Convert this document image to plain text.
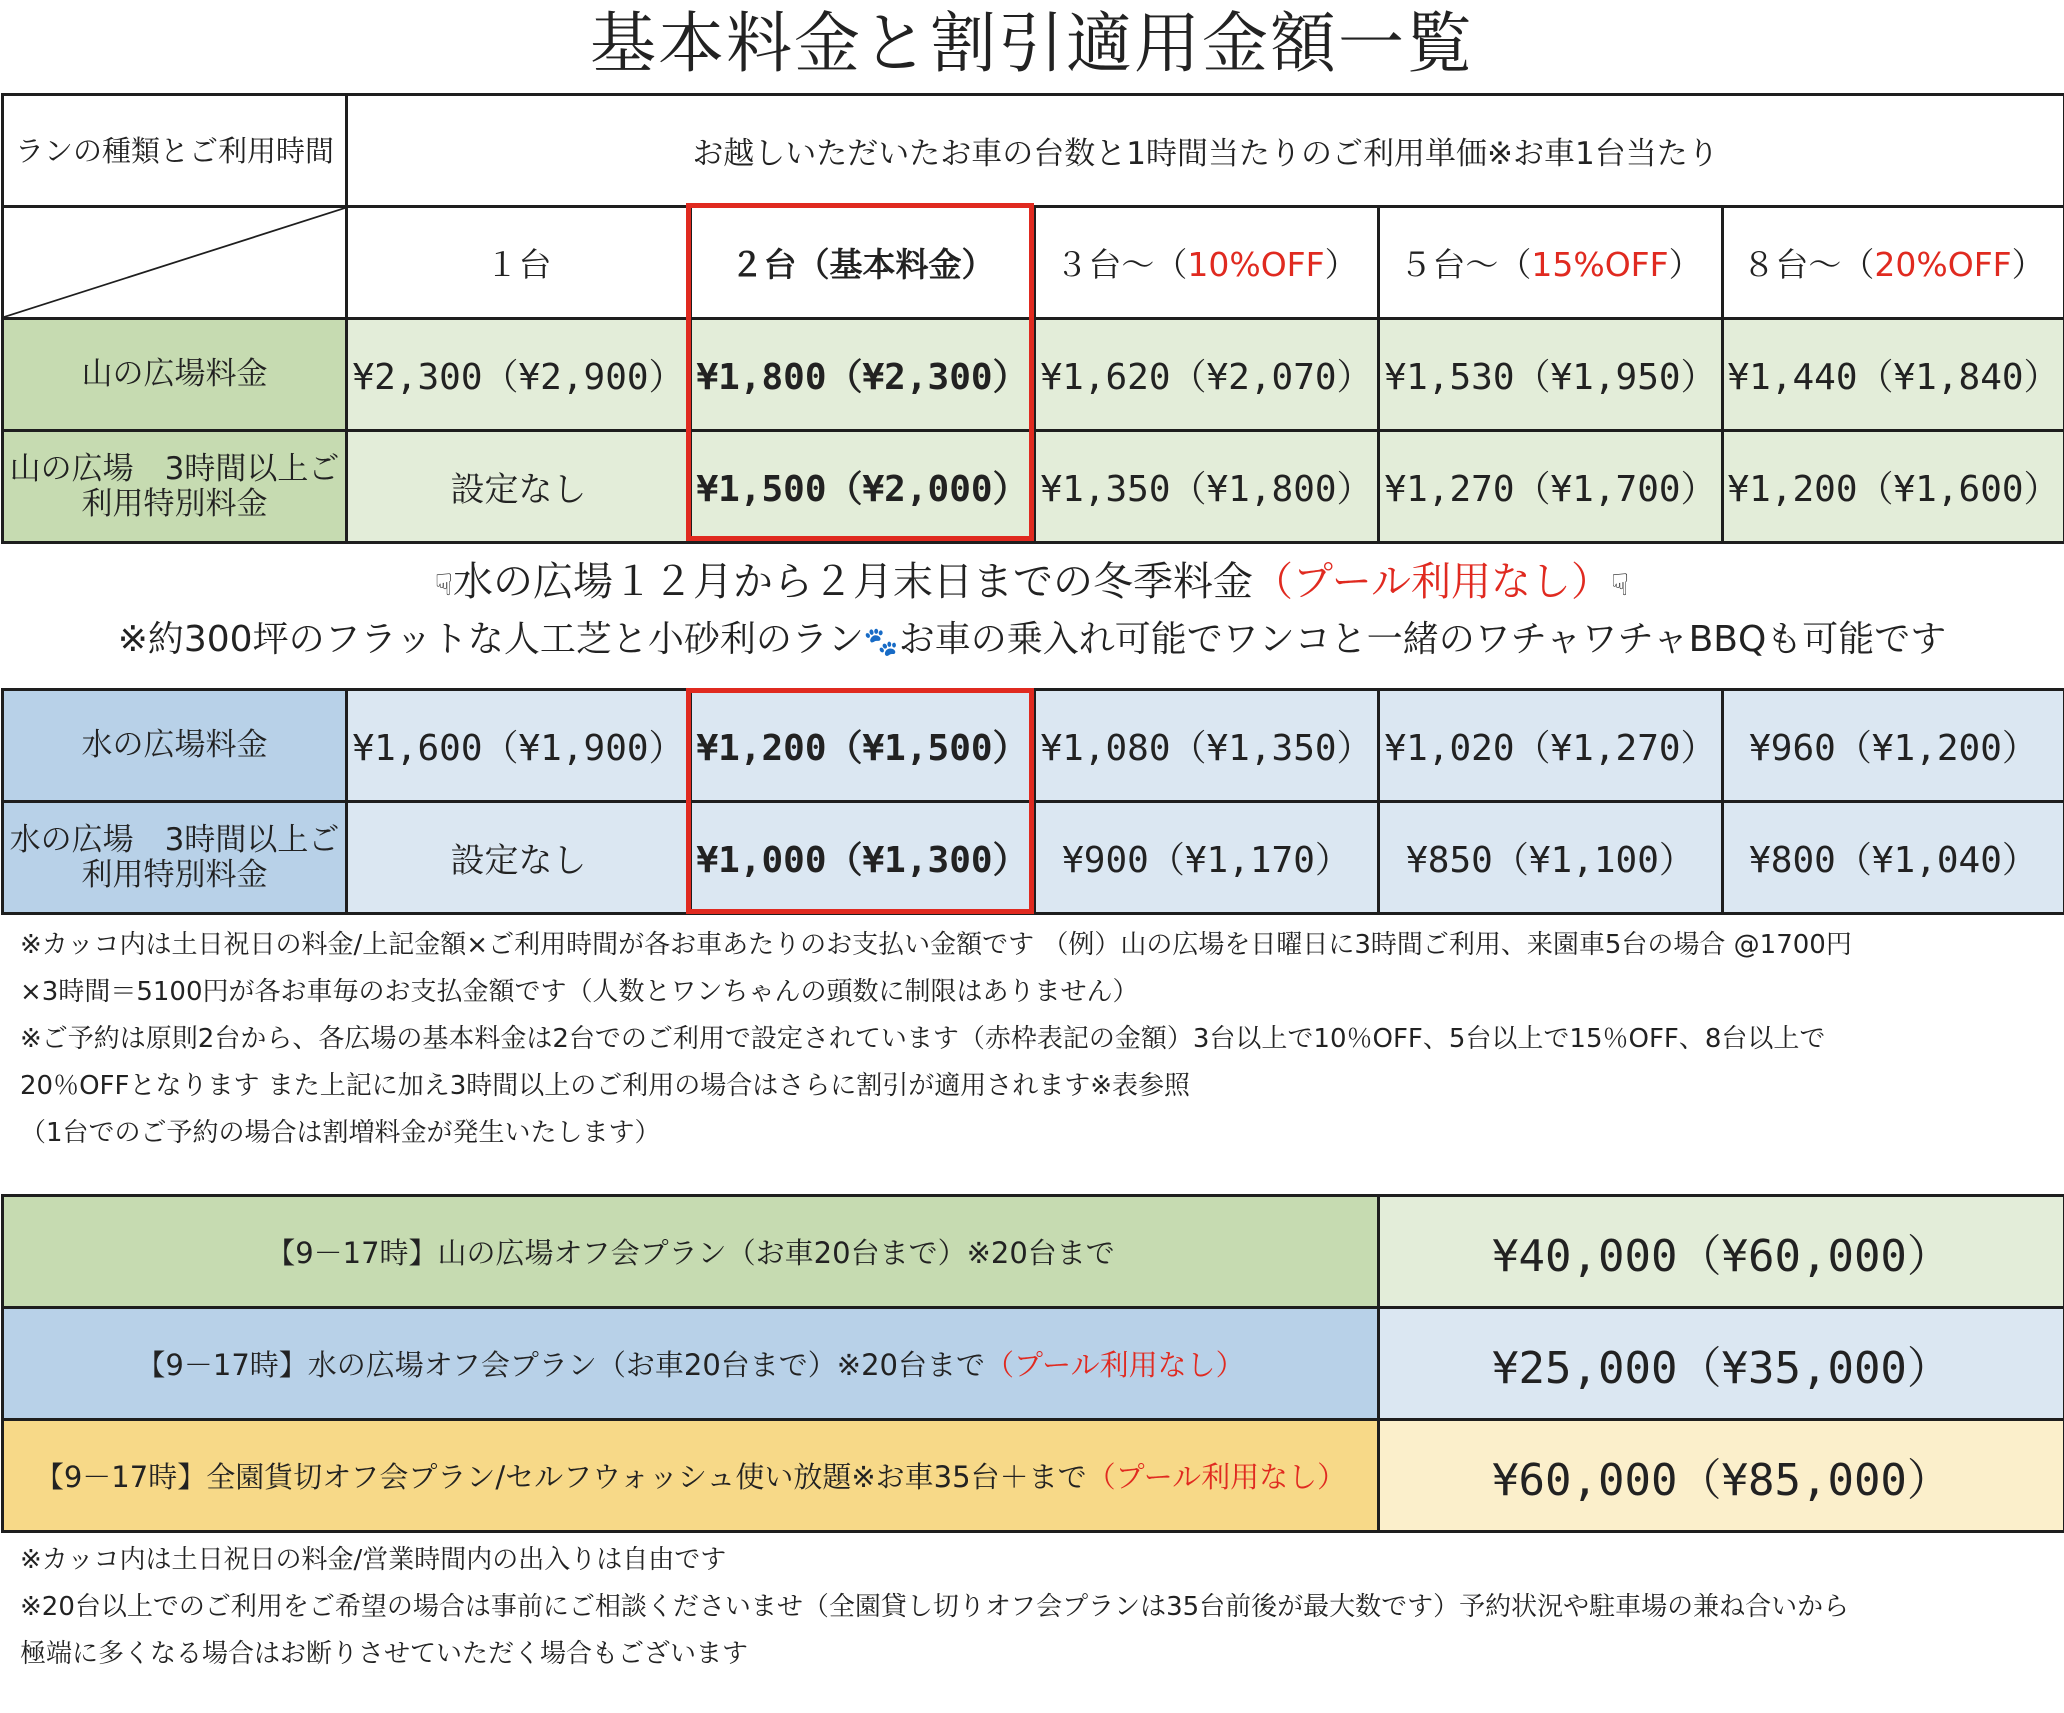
基本料金と割引適用金額一覧
ランの種類とご利用時間	お越しいただいたお車の台数と1時間当たりのご利用単価※お車1台当たり				

	１台	２台（基本料金）	３台～（10%OFF）	５台～（15%OFF）	８台～（20%OFF）
山の広場料金	¥2,300（¥2,900）	¥1,800（¥2,300）	¥1,620（¥2,070）	¥1,530（¥1,950）	¥1,440（¥1,840）
山の広場　3時間以上ご利用特別料金	設定なし	¥1,500（¥2,000）	¥1,350（¥1,800）	¥1,270（¥1,700）	¥1,200（¥1,600）
☟水の広場１２月から２月末日までの冬季料金（プール利用なし）☟
※約300坪のフラットな人工芝と小砂利のラン🐾お車の乗入れ可能でワンコと一緒のワチャワチャBBQも可能です
水の広場料金	¥1,600（¥1,900）	¥1,200（¥1,500）	¥1,080（¥1,350）	¥1,020（¥1,270）	¥960（¥1,200）
水の広場　3時間以上ご利用特別料金	設定なし	¥1,000（¥1,300）	¥900（¥1,170）	¥850（¥1,100）	¥800（¥1,040）
※カッコ内は土日祝日の料金/上記金額×ご利用時間が各お車あたりのお支払い金額です （例）山の広場を日曜日に3時間ご利用、来園車5台の場合 @1700円
×3時間＝5100円が各お車毎のお支払金額です（人数とワンちゃんの頭数に制限はありません）
※ご予約は原則2台から、各広場の基本料金は2台でのご利用で設定されています（赤枠表記の金額）3台以上で10％OFF、5台以上で15％OFF、8台以上で
20％OFFとなります また上記に加え3時間以上のご利用の場合はさらに割引が適用されます※表参照
（1台でのご予約の場合は割増料金が発生いたします）
【9－17時】山の広場オフ会プラン（お車20台まで）※20台まで	¥40,000（¥60,000）
【9－17時】水の広場オフ会プラン（お車20台まで）※20台まで（プール利用なし）	¥25,000（¥35,000）
【9－17時】全園貨切オフ会プラン/セルフウォッシュ使い放題※お車35台＋まで（プール利用なし）	¥60,000（¥85,000）
※カッコ内は土日祝日の料金/営業時間内の出入りは自由です
※20台以上でのご利用をご希望の場合は事前にご相談くださいませ（全園貸し切りオフ会プランは35台前後が最大数です）予約状況や駐車場の兼ね合いから
極端に多くなる場合はお断りさせていただく場合もございます
